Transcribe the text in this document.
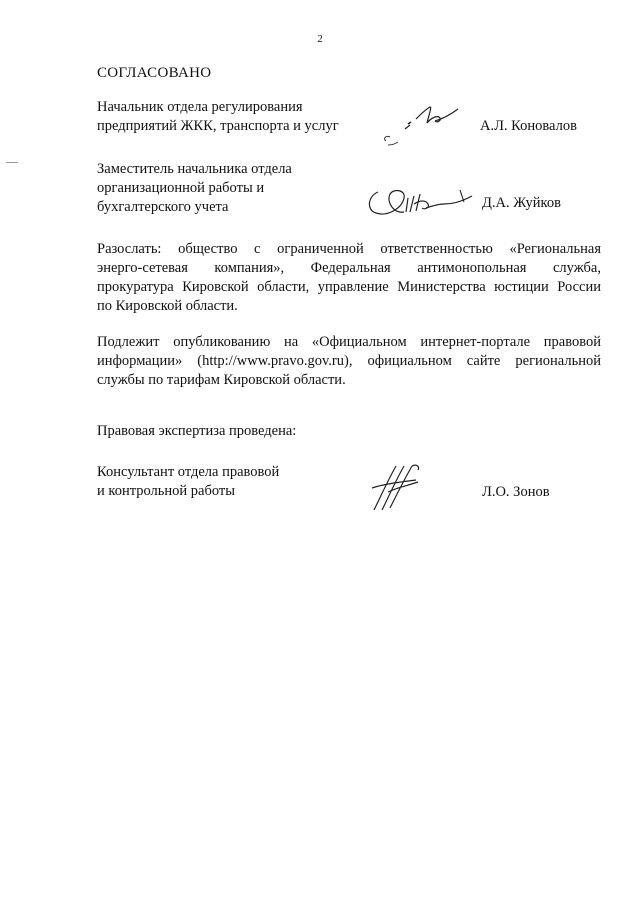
2
СОГЛАСОВАНО
Начальник отдела регулирования
предприятий ЖКК, транспорта и услуг	А.Л. Коновалов
Заместитель начальника отдела
организационной работы и
бухгалтерского учета	Д.А. Жуйков
Разослать: общество с ограниченной ответственностью «Региональная
энерго-сетевая компания», Федеральная антимонопольная служба,
прокуратура Кировской области, управление Министерства юстиции России
по Кировской области.
Подлежит опубликованию на «Официальном интернет-портале правовой
информации» (http://www.pravo.gov.ru), официальном сайте региональной
службы по тарифам Кировской области.
Правовая экспертиза проведена:
Консультант отдела правовой
и контрольной работы	Л.О. Зонов
